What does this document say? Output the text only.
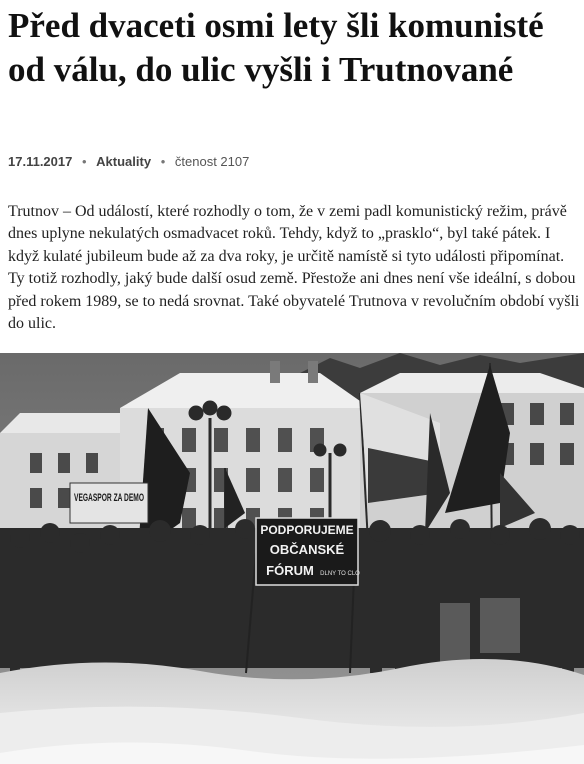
Před dvaceti osmi lety šli komunisté od válu, do ulic vyšli i Trutnované
17.11.2017 • Aktuality • čtenost 2107

Trutnov – Od událostí, které rozhodly o tom, že v zemi padl komunistický režim, právě dnes uplyne nekulatých osmadvacet roků. Tehdy, když to „prasklo“, byl také pátek. I když kulaté jubileum bude až za dva roky, je určitě namístě si tyto události připomínat. Ty totiž rozhodly, jaký bude další osud země. Přestože ani dnes není vše ideální, s dobou před rokem 1989, se to nedá srovnat. Také obyvatelé Trutnova v revolučním období vyšli do ulic.

VEGASPOR ZA DEMO
PODPORUJEME
OBČANSKÉ
FÓRUM DLNY TO CLO
